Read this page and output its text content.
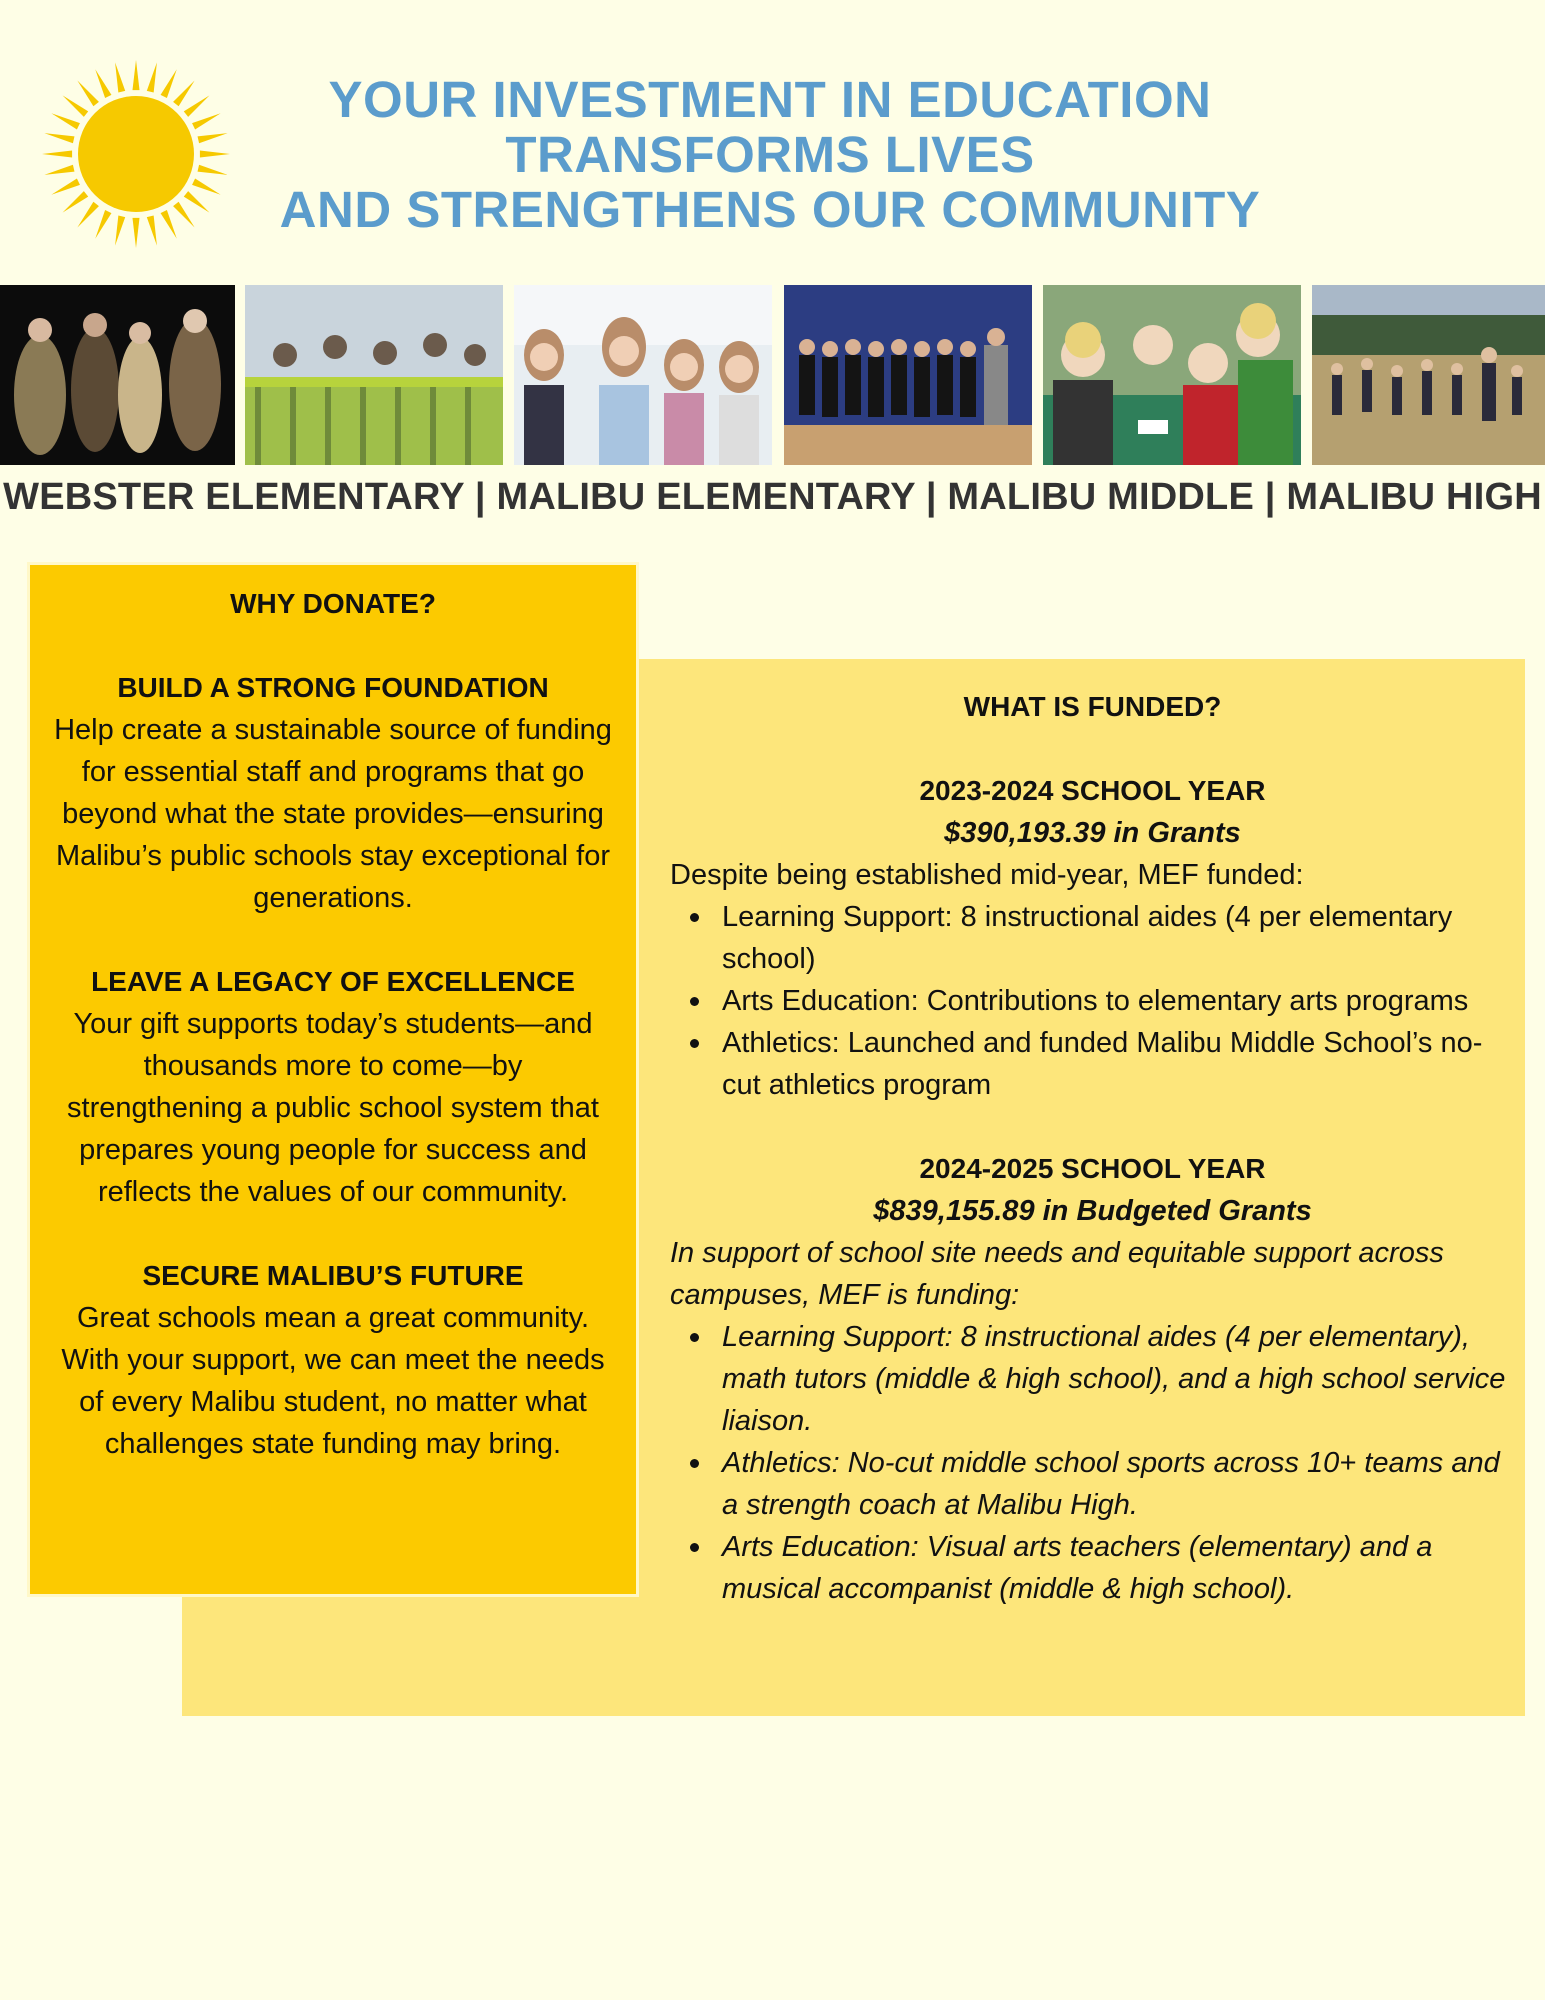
YOUR INVESTMENT IN EDUCATION
TRANSFORMS LIVES
AND STRENGTHENS OUR COMMUNITY
WEBSTER ELEMENTARY | MALIBU ELEMENTARY | MALIBU MIDDLE | MALIBU HIGH
WHY DONATE?
BUILD A STRONG FOUNDATION

Help create a sustainable source of funding for essential staff and programs that go beyond what the state provides—ensuring Malibu’s public schools stay exceptional for generations.

LEAVE A LEGACY OF EXCELLENCE

Your gift supports today’s students—and thousands more to come—by strengthening a public school system that prepares young people for success and reflects the values of our community.

SECURE MALIBU’S FUTURE

Great schools mean a great community. With your support, we can meet the needs of every Malibu student, no matter what challenges state funding may bring.

WHAT IS FUNDED?
2023-2024 SCHOOL YEAR
$390,193.39 in Grants
Despite being established mid-year, MEF funded:
Learning Support: 8 instructional aides (4 per elementary school)
Arts Education: Contributions to elementary arts programs
Athletics: Launched and funded Malibu Middle School’s no-cut athletics program
2024-2025 SCHOOL YEAR
$839,155.89 in Budgeted Grants
In support of school site needs and equitable support across campuses, MEF is funding:
Learning Support: 8 instructional aides (4 per elementary), math tutors (middle & high school), and a high school service liaison.
Athletics: No-cut middle school sports across 10+ teams and a strength coach at Malibu High.
Arts Education: Visual arts teachers (elementary) and a musical accompanist (middle & high school).
